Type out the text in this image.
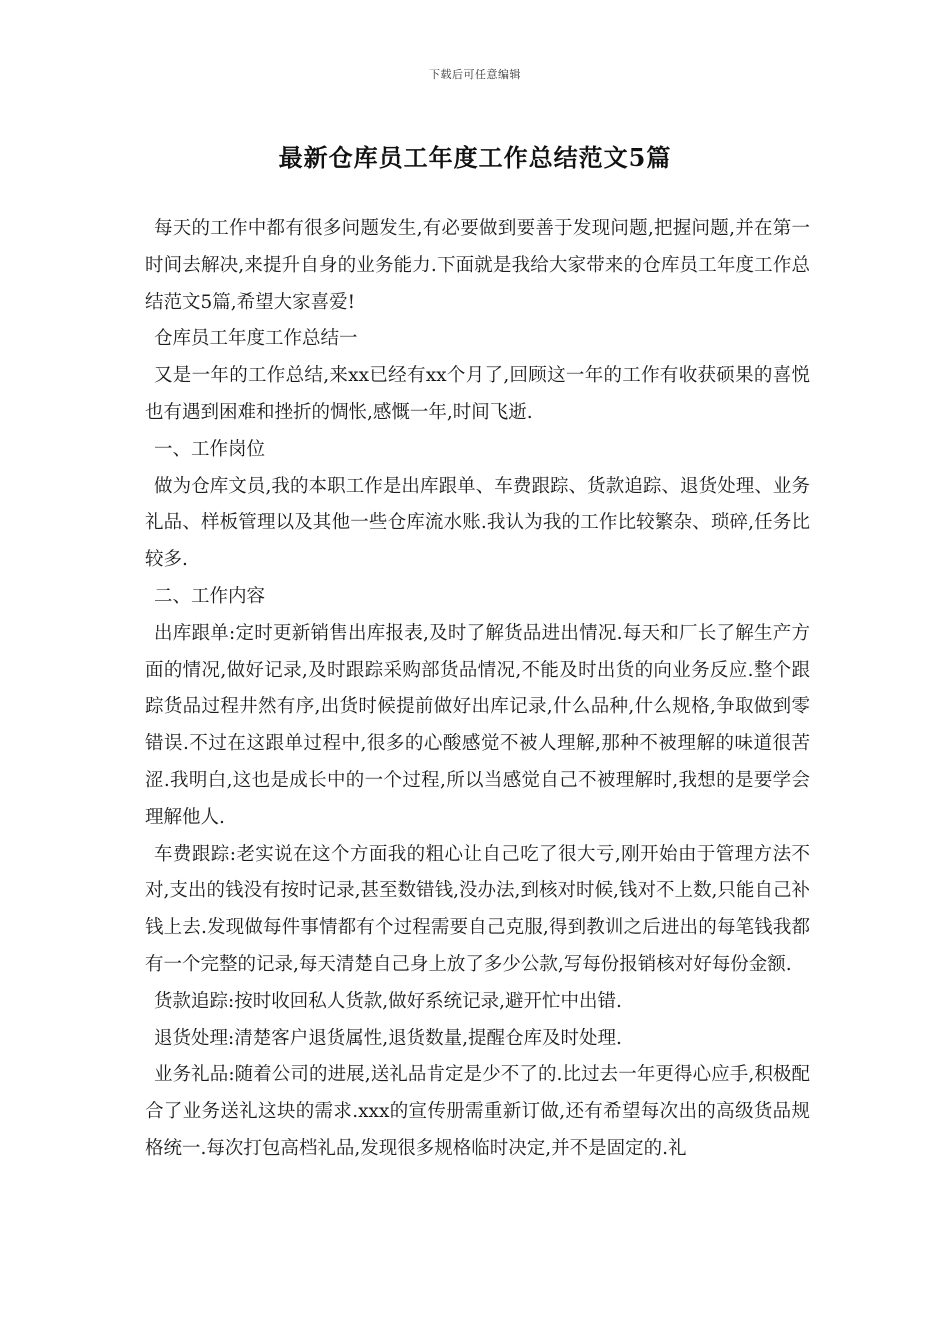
下载后可任意编辑
最新仓库员工年度工作总结范文5篇

每天的工作中都有很多问题发生,有必要做到要善于发现问题,把握问题,并在第一时间去解决,来提升自身的业务能力.下面就是我给大家带来的仓库员工年度工作总结范文5篇,希望大家喜爱!

仓库员工年度工作总结一

又是一年的工作总结,来xx已经有xx个月了,回顾这一年的工作有收获硕果的喜悦也有遇到困难和挫折的惆怅,感慨一年,时间飞逝.

一、工作岗位

做为仓库文员,我的本职工作是出库跟单、车费跟踪、货款追踪、退货处理、业务礼品、样板管理以及其他一些仓库流水账.我认为我的工作比较繁杂、琐碎,任务比较多.

二、工作内容

出库跟单:定时更新销售出库报表,及时了解货品进出情况.每天和厂长了解生产方面的情况,做好记录,及时跟踪采购部货品情况,不能及时出货的向业务反应.整个跟踪货品过程井然有序,出货时候提前做好出库记录,什么品种,什么规格,争取做到零错误.不过在这跟单过程中,很多的心酸感觉不被人理解,那种不被理解的味道很苦涩.我明白,这也是成长中的一个过程,所以当感觉自己不被理解时,我想的是要学会理解他人.

车费跟踪:老实说在这个方面我的粗心让自己吃了很大亏,刚开始由于管理方法不对,支出的钱没有按时记录,甚至数错钱,没办法,到核对时候,钱对不上数,只能自己补钱上去.发现做每件事情都有个过程需要自己克服,得到教训之后进出的每笔钱我都有一个完整的记录,每天清楚自己身上放了多少公款,写每份报销核对好每份金额.

货款追踪:按时收回私人货款,做好系统记录,避开忙中出错.

退货处理:清楚客户退货属性,退货数量,提醒仓库及时处理.

业务礼品:随着公司的进展,送礼品肯定是少不了的.比过去一年更得心应手,积极配合了业务送礼这块的需求.xxx的宣传册需重新订做,还有希望每次出的高级货品规格统一.每次打包高档礼品,发现很多规格临时决定,并不是固定的.礼
